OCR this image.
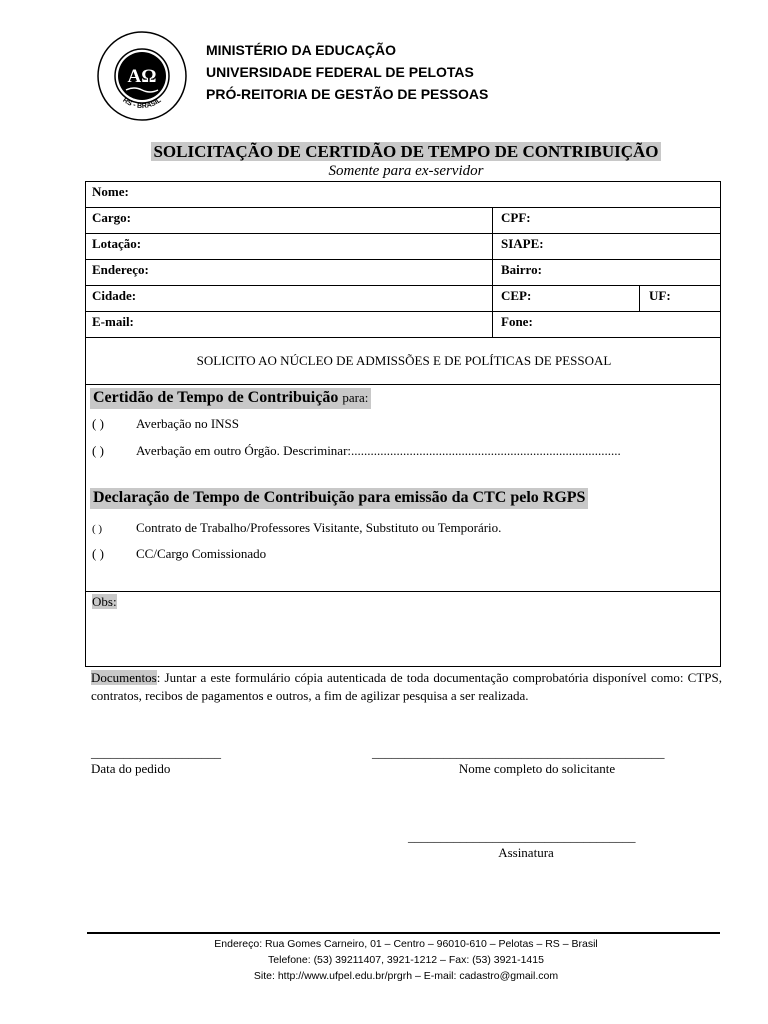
AΩ
RS - BRASIL
MINISTÉRIO DA EDUCAÇÃO
UNIVERSIDADE FEDERAL DE PELOTAS
PRÓ-REITORIA DE GESTÃO DE PESSOAS
SOLICITAÇÃO DE CERTIDÃO DE TEMPO DE CONTRIBUIÇÃO
Somente para ex-servidor
Nome:
Cargo:	CPF:
Lotação:	SIAPE:
Endereço:	Bairro:
Cidade:	CEP:	UF:
E-mail:	Fone:
SOLICITO AO NÚCLEO DE ADMISSÕES E DE POLÍTICAS DE PESSOAL
Certidão de Tempo de Contribuição para:
( ) Averbação no INSS
( ) Averbação em outro Órgão. Descriminar:...................................................................................
Declaração de Tempo de Contribuição para emissão da CTC pelo RGPS
( )	Contrato de Trabalho/Professores Visitante, Substituto ou Temporário.
( ) CC/Cargo Comissionado
Obs:
Documentos: Juntar a este formulário cópia autenticada de toda documentação comprobatória disponível como: CTPS, contratos, recibos de pagamentos e outros, a fim de agilizar pesquisa a ser realizada.
____________________
Data do pedido
_____________________________________________
Nome completo do solicitante
___________________________________
Assinatura
Endereço: Rua Gomes Carneiro, 01 – Centro – 96010-610 – Pelotas – RS – Brasil
Telefone: (53) 39211407, 3921-1212 – Fax: (53) 3921-1415
Site: http://www.ufpel.edu.br/prgrh – E-mail: cadastro@gmail.com
